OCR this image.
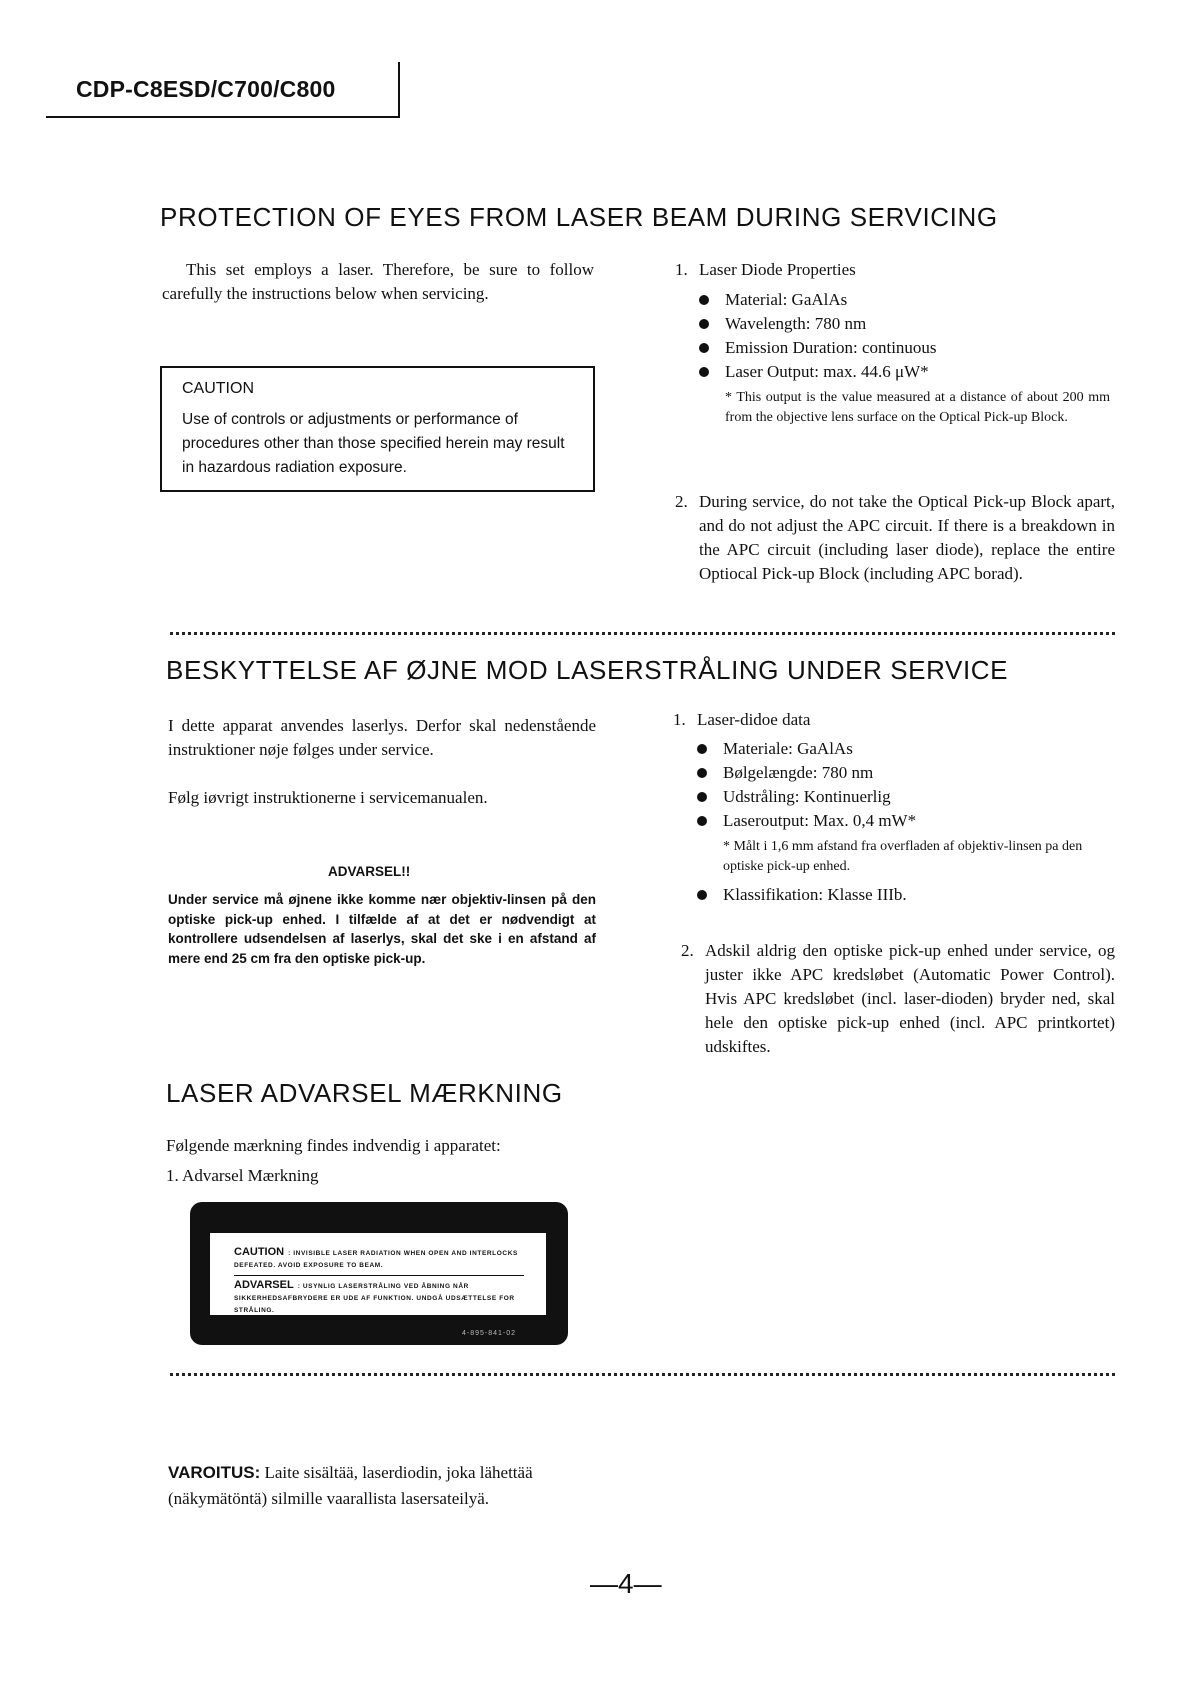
CDP-C8ESD/C700/C800
PROTECTION OF EYES FROM LASER BEAM DURING SERVICING
This set employs a laser. Therefore, be sure to follow carefully the instructions below when servicing.
CAUTION
Use of controls or adjustments or performance of procedures other than those specified herein may result in hazardous radiation exposure.
1. Laser Diode Properties
Material: GaAlAs
Wavelength: 780 nm
Emission Duration: continuous
Laser Output: max. 44.6 μW*
* This output is the value measured at a distance of about 200 mm from the objective lens surface on the Optical Pick-up Block.
2. During service, do not take the Optical Pick-up Block apart, and do not adjust the APC circuit. If there is a breakdown in the APC circuit (including laser diode), replace the entire Optiocal Pick-up Block (including APC borad).
BESKYTTELSE AF ØJNE MOD LASERSTRÅLING UNDER SERVICE
I dette apparat anvendes laserlys. Derfor skal nedenstående instruktioner nøje følges under service.
Følg iøvrigt instruktionerne i servicemanualen.
ADVARSEL!!
Under service må øjnene ikke komme nær objektiv-linsen på den optiske pick-up enhed. I tilfælde af at det er nødvendigt at kontrollere udsendelsen af laserlys, skal det ske i en afstand af mere end 25 cm fra den optiske pick-up.
1. Laser-didoe data
Materiale: GaAlAs
Bølgelængde: 780 nm
Udstråling: Kontinuerlig
Laseroutput: Max. 0,4 mW*
* Målt i 1,6 mm afstand fra overfladen af objektiv-linsen pa den optiske pick-up enhed.
Klassifikation: Klasse IIIb.
2. Adskil aldrig den optiske pick-up enhed under service, og juster ikke APC kredsløbet (Automatic Power Control). Hvis APC kredsløbet (incl. laser-dioden) bryder ned, skal hele den optiske pick-up enhed (incl. APC printkortet) udskiftes.
LASER ADVARSEL MÆRKNING
Følgende mærkning findes indvendig i apparatet:
1. Advarsel Mærkning
CAUTION : INVISIBLE LASER RADIATION WHEN OPEN AND INTERLOCKS DEFEATED. AVOID EXPOSURE TO BEAM.
ADVARSEL : USYNLIG LASERSTRÅLING VED ÅBNING NÅR SIKKERHEDSAFBRYDERE ER UDE AF FUNKTION. UNDGÅ UDSÆTTELSE FOR STRÅLING.
4-895-841-02
VAROITUS: Laite sisältää, laserdiodin, joka lähettää (näkymätöntä) silmille vaarallista lasersateilyä.
—4—
